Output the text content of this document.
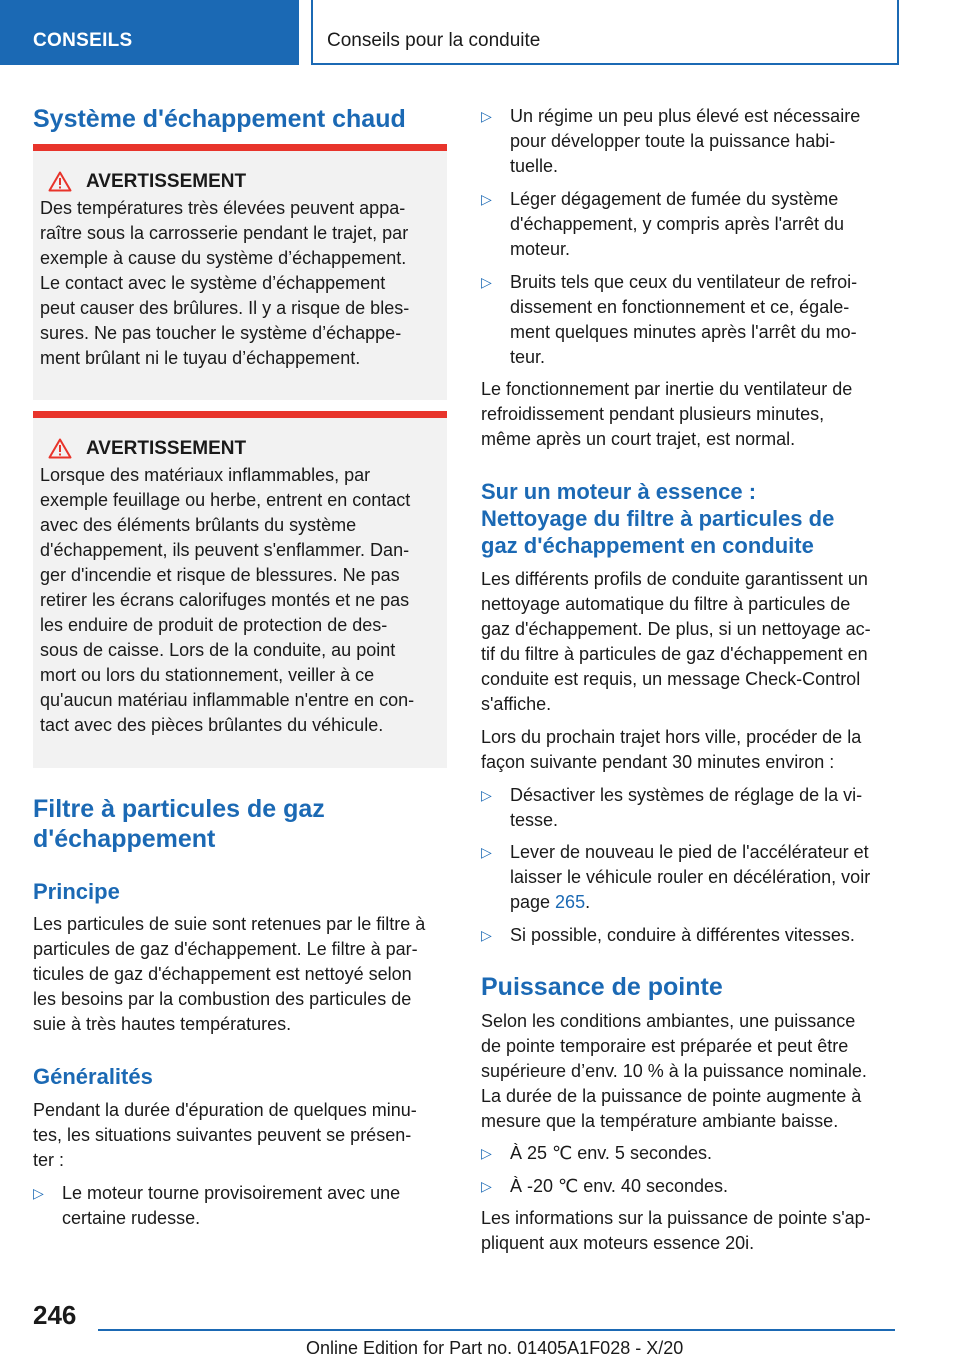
CONSEILS	Conseils pour la conduite
Système d'échappement chaud
AVERTISSEMENT
Des températures très élevées peuvent appa-
raître sous la carrosserie pendant le trajet, par
exemple à cause du système d’échappement.
Le contact avec le système d’échappement
peut causer des brûlures. Il y a risque de bles-
sures. Ne pas toucher le système d’échappe-
ment brûlant ni le tuyau d’échappement.
AVERTISSEMENT
Lorsque des matériaux inflammables, par
exemple feuillage ou herbe, entrent en contact
avec des éléments brûlants du système
d'échappement, ils peuvent s'enflammer. Dan-
ger d'incendie et risque de blessures. Ne pas
retirer les écrans calorifuges montés et ne pas
les enduire de produit de protection de des-
sous de caisse. Lors de la conduite, au point
mort ou lors du stationnement, veiller à ce
qu'aucun matériau inflammable n'entre en con-
tact avec des pièces brûlantes du véhicule.
Filtre à particules de gaz
d'échappement
Principe
Les particules de suie sont retenues par le filtre à
particules de gaz d'échappement. Le filtre à par-
ticules de gaz d'échappement est nettoyé selon
les besoins par la combustion des particules de
suie à très hautes températures.
Généralités
Pendant la durée d'épuration de quelques minu-
tes, les situations suivantes peuvent se présen-
ter :
▷ Le moteur tourne provisoirement avec une
certaine rudesse.
▷ Un régime un peu plus élevé est nécessaire
pour développer toute la puissance habi-
tuelle.
▷ Léger dégagement de fumée du système
d'échappement, y compris après l'arrêt du
moteur.
▷ Bruits tels que ceux du ventilateur de refroi-
dissement en fonctionnement et ce, égale-
ment quelques minutes après l'arrêt du mo-
teur.
Le fonctionnement par inertie du ventilateur de
refroidissement pendant plusieurs minutes,
même après un court trajet, est normal.
Sur un moteur à essence :
Nettoyage du filtre à particules de
gaz d'échappement en conduite
Les différents profils de conduite garantissent un
nettoyage automatique du filtre à particules de
gaz d'échappement. De plus, si un nettoyage ac-
tif du filtre à particules de gaz d'échappement en
conduite est requis, un message Check-Control
s'affiche.
Lors du prochain trajet hors ville, procéder de la
façon suivante pendant 30 minutes environ :
▷ Désactiver les systèmes de réglage de la vi-
tesse.
▷ Lever de nouveau le pied de l'accélérateur et
laisser le véhicule rouler en décélération, voir
page 265.
▷ Si possible, conduire à différentes vitesses.
Puissance de pointe
Selon les conditions ambiantes, une puissance
de pointe temporaire est préparée et peut être
supérieure d’env. 10 % à la puissance nominale.
La durée de la puissance de pointe augmente à
mesure que la température ambiante baisse.
▷ À 25 ℃ env. 5 secondes.
▷ À -20 ℃ env. 40 secondes.
Les informations sur la puissance de pointe s'ap-
pliquent aux moteurs essence 20i.
246
Online Edition for Part no. 01405A1F028 - X/20
